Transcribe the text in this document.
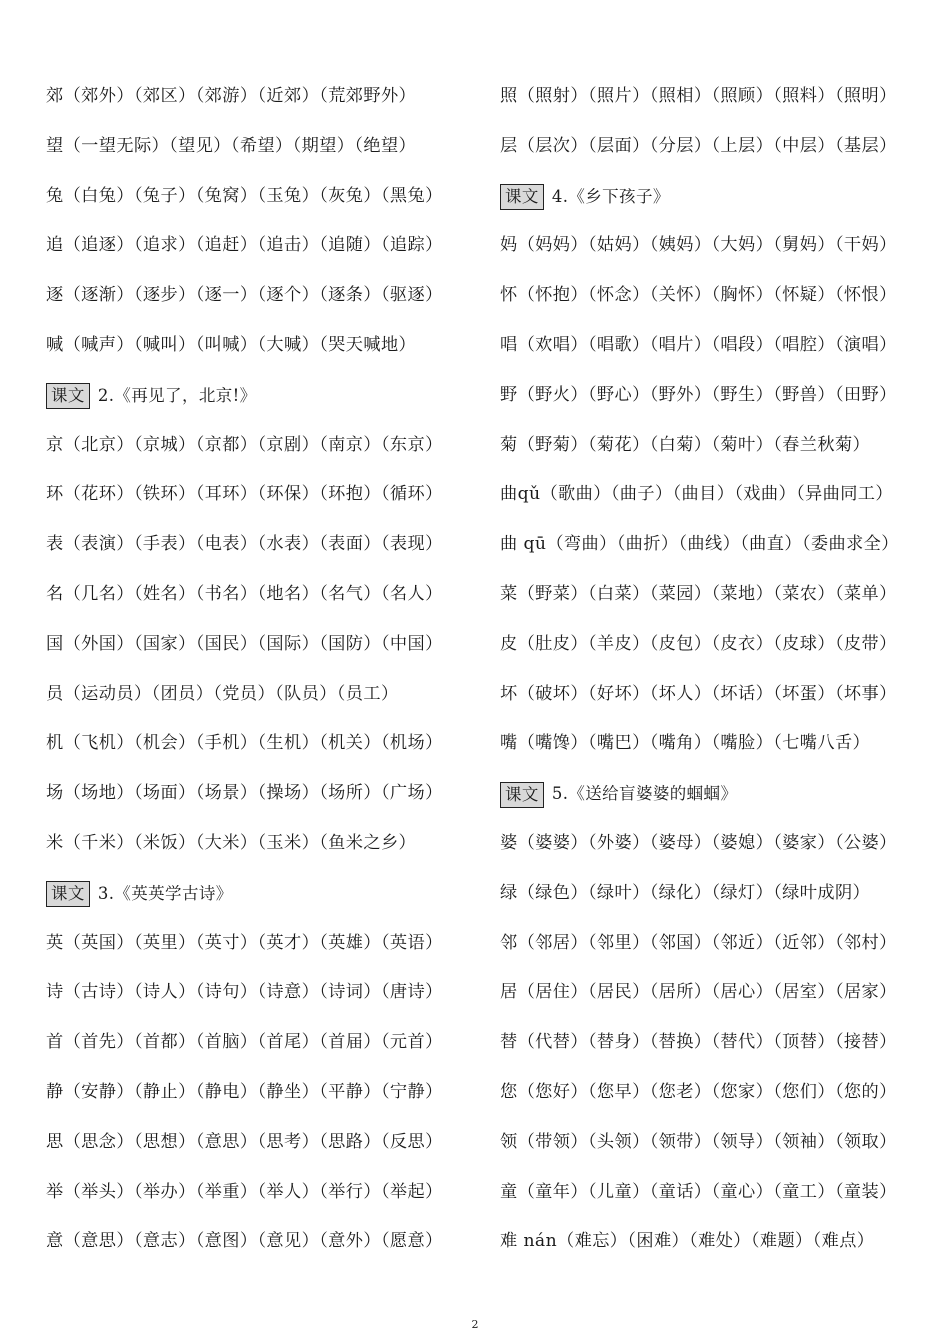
郊（郊外）（郊区）（郊游）（近郊）（荒郊野外）
望（一望无际）（望见）（希望）（期望）（绝望）
兔（白兔）（兔子）（兔窝）（玉兔）（灰兔）（黑兔）
追（追逐）（追求）（追赶）（追击）（追随）（追踪）
逐（逐渐）（逐步）（逐一）（逐个）（逐条）（驱逐）
喊（喊声）（喊叫）（叫喊）（大喊）（哭天喊地）
课文 2.《再见了，北京!》
京（北京）（京城）（京都）（京剧）（南京）（东京）
环（花环）（铁环）（耳环）（环保）（环抱）（循环）
表（表演）（手表）（电表）（水表）（表面）（表现）
名（几名）（姓名）（书名）（地名）（名气）（名人）
国（外国）（国家）（国民）（国际）（国防）（中国）
员（运动员）（团员）（党员）（队员）（员工）
机（飞机）（机会）（手机）（生机）（机关）（机场）
场（场地）（场面）（场景）（操场）（场所）（广场）
米（千米）（米饭）（大米）（玉米）（鱼米之乡）
课文 3.《英英学古诗》
英（英国）（英里）（英寸）（英才）（英雄）（英语）
诗（古诗）（诗人）（诗句）（诗意）（诗词）（唐诗）
首（首先）（首都）（首脑）（首尾）（首届）（元首）
静（安静）（静止）（静电）（静坐）（平静）（宁静）
思（思念）（思想）（意思）（思考）（思路）（反思）
举（举头）（举办）（举重）（举人）（举行）（举起）
意（意思）（意志）（意图）（意见）（意外）（愿意）
照（照射）（照片）（照相）（照顾）（照料）（照明）
层（层次）（层面）（分层）（上层）（中层）（基层）
课文 4.《乡下孩子》
妈（妈妈）（姑妈）（姨妈）（大妈）（舅妈）（干妈）
怀（怀抱）（怀念）（关怀）（胸怀）（怀疑）（怀恨）
唱（欢唱）（唱歌）（唱片）（唱段）（唱腔）（演唱）
野（野火）（野心）（野外）（野生）（野兽）（田野）
菊（野菊）（菊花）（白菊）（菊叶）（春兰秋菊）
曲qǔ（歌曲）（曲子）（曲目）（戏曲）（异曲同工）
曲 qū（弯曲）（曲折）（曲线）（曲直）（委曲求全）
菜（野菜）（白菜）（菜园）（菜地）（菜农）（菜单）
皮（肚皮）（羊皮）（皮包）（皮衣）（皮球）（皮带）
坏（破坏）（好坏）（坏人）（坏话）（坏蛋）（坏事）
嘴（嘴馋）（嘴巴）（嘴角）（嘴脸）（七嘴八舌）
课文 5.《送给盲婆婆的蝈蝈》
婆（婆婆）（外婆）（婆母）（婆媳）（婆家）（公婆）
绿（绿色）（绿叶）（绿化）（绿灯）（绿叶成阴）
邻（邻居）（邻里）（邻国）（邻近）（近邻）（邻村）
居（居住）（居民）（居所）（居心）（居室）（居家）
替（代替）（替身）（替换）（替代）（顶替）（接替）
您（您好）（您早）（您老）（您家）（您们）（您的）
领（带领）（头领）（领带）（领导）（领袖）（领取）
童（童年）（儿童）（童话）（童心）（童工）（童装）
难 nán（难忘）（困难）（难处）（难题）（难点）
2
